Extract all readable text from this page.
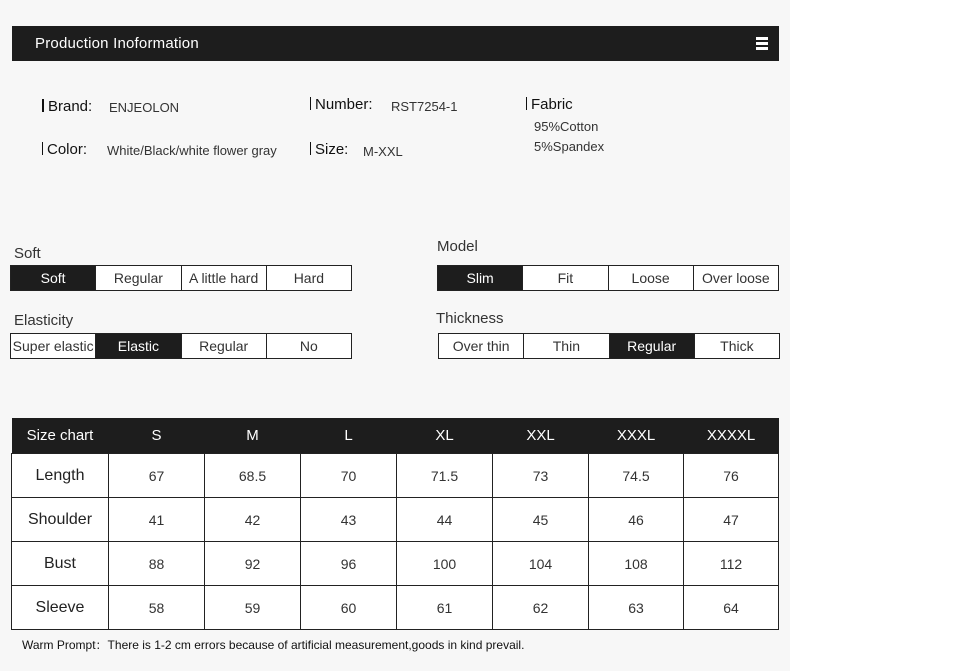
Production Inoformation
Brand: ENJEOLON	Number: RST7254-1	Fabric
95%Cotton
5%Spandex
Color: White/Black/white flower gray	Size: M-XXL
Soft
Soft	Regular	A little hard	Hard
Model
Slim	Fit	Loose	Over loose
Elasticity
Super elastic	Elastic	Regular	No
Thickness
Over thin	Thin	Regular	Thick
Size chart	S	M	L	XL	XXL	XXXL	XXXXL
Length	67	68.5	70	71.5	73	74.5	76
Shoulder	41	42	43	44	45	46	47
Bust	88	92	96	100	104	108	112
Sleeve	58	59	60	61	62	63	64
Warm Prompt：There is 1-2 cm errors because of artificial measurement,goods in kind prevail.
